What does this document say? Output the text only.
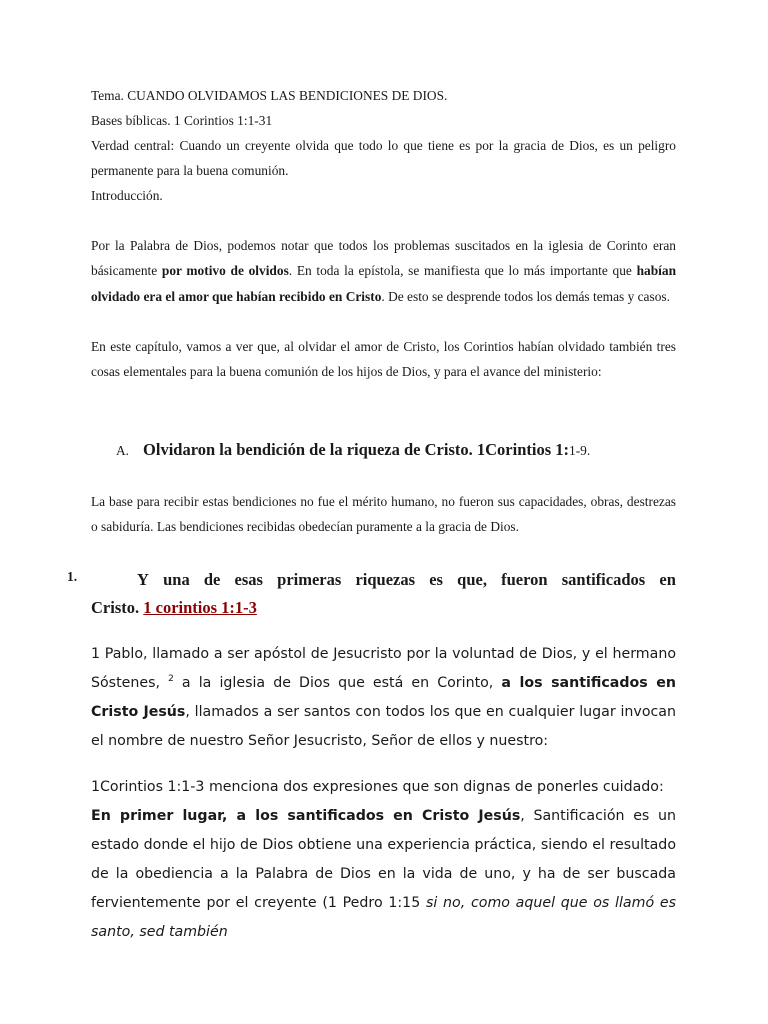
Tema. CUANDO OLVIDAMOS LAS BENDICIONES DE DIOS.

Bases bíblicas. 1 Corintios 1:1-31

Verdad central: Cuando un creyente olvida que todo lo que tiene es por la gracia de Dios, es un peligro permanente para la buena comunión.

Introducción.

Por la Palabra de Dios, podemos notar que todos los problemas suscitados en la iglesia de Corinto eran básicamente por motivo de olvidos. En toda la epístola, se manifiesta que lo más importante que habían olvidado era el amor que habían recibido en Cristo. De esto se desprende todos los demás temas y casos.

En este capítulo, vamos a ver que, al olvidar el amor de Cristo, los Corintios habían olvidado también tres cosas elementales para la buena comunión de los hijos de Dios, y para el avance del ministerio:

A. Olvidaron la bendición de la riqueza de Cristo. 1Corintios 1:1-9.

La base para recibir estas bendiciones no fue el mérito humano, no fueron sus capacidades, obras, destrezas o sabiduría. Las bendiciones recibidas obedecían puramente a la gracia de Dios.

1.	Y una de esas primeras riquezas es que, fueron santificados en
Cristo. 1 corintios 1:1-3

1 Pablo, llamado a ser apóstol de Jesucristo por la voluntad de Dios, y el hermano Sóstenes, $^2$ a la iglesia de Dios que está en Corinto, a los santificados en Cristo Jesús, llamados a ser santos con todos los que en cualquier lugar invocan el nombre de nuestro Señor Jesucristo, Señor de ellos y nuestro:

1Corintios 1:1-3 menciona dos expresiones que son dignas de ponerles cuidado:

En primer lugar, a los santificados en Cristo Jesús, Santificación es un estado donde el hijo de Dios obtiene una experiencia práctica, siendo el resultado de la obediencia a la Palabra de Dios en la vida de uno, y ha de ser buscada fervientemente por el creyente (1 Pedro 1:15 si no, como aquel que os llamó es santo, sed también
